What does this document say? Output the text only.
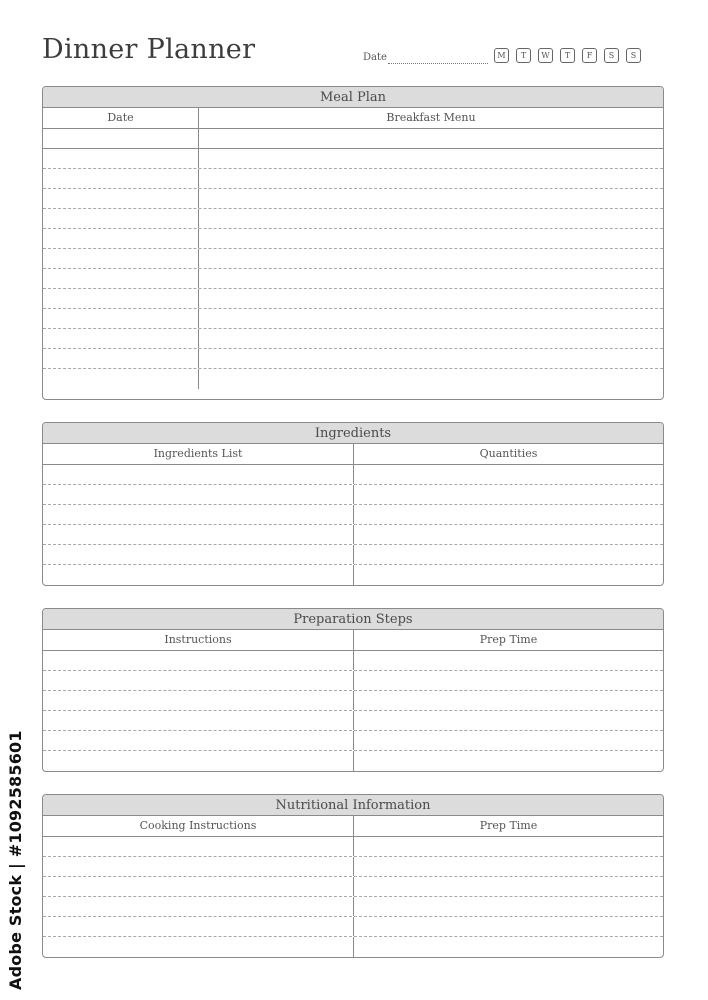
Dinner Planner	Date	M	T	W	T	F	S	S
Meal Plan
Date	Breakfast Menu
Ingredients
Ingredients List	Quantities
Preparation Steps
Instructions	Prep Time
Nutritional Information
Cooking Instructions	Prep Time
Adobe Stock | #1092585601
